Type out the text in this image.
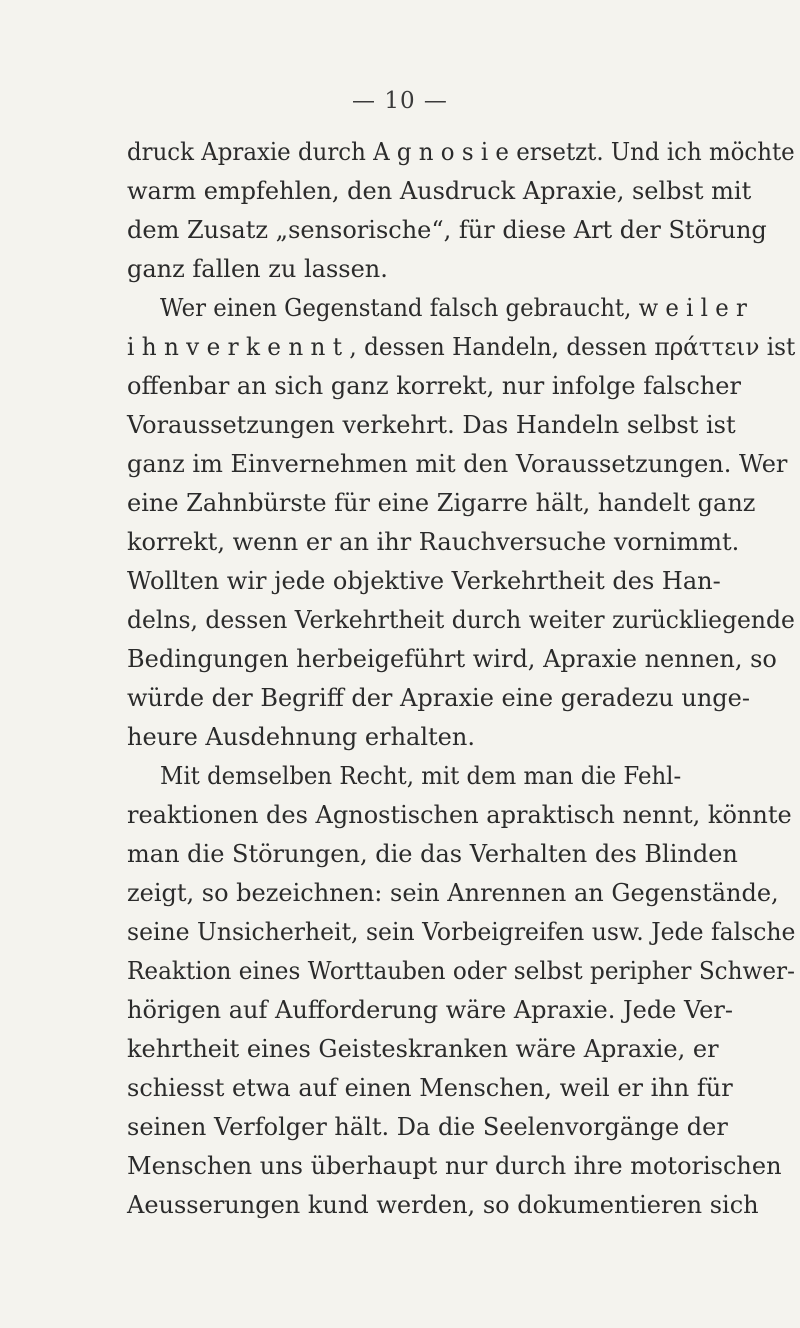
— 10 —
druck Apraxie durch A g n o s i e ersetzt. Und ich möchte
warm empfehlen, den Ausdruck Apraxie, selbst mit
dem Zusatz „sensorische“, für diese Art der Störung
ganz fallen zu lassen.
Wer einen Gegenstand falsch gebraucht, w e i l e r
i h n v e r k e n n t , dessen Handeln, dessen πράττειν ist
offenbar an sich ganz korrekt, nur infolge falscher
Voraussetzungen verkehrt. Das Handeln selbst ist
ganz im Einvernehmen mit den Voraussetzungen. Wer
eine Zahnbürste für eine Zigarre hält, handelt ganz
korrekt, wenn er an ihr Rauchversuche vornimmt.
Wollten wir jede objektive Verkehrtheit des Han-
delns, dessen Verkehrtheit durch weiter zurückliegende
Bedingungen herbeigeführt wird, Apraxie nennen, so
würde der Begriff der Apraxie eine geradezu unge-
heure Ausdehnung erhalten.
Mit demselben Recht, mit dem man die Fehl-
reaktionen des Agnostischen apraktisch nennt, könnte
man die Störungen, die das Verhalten des Blinden
zeigt, so bezeichnen: sein Anrennen an Gegenstände,
seine Unsicherheit, sein Vorbeigreifen usw. Jede falsche
Reaktion eines Worttauben oder selbst peripher Schwer-
hörigen auf Aufforderung wäre Apraxie. Jede Ver-
kehrtheit eines Geisteskranken wäre Apraxie, er
schiesst etwa auf einen Menschen, weil er ihn für
seinen Verfolger hält. Da die Seelenvorgänge der
Menschen uns überhaupt nur durch ihre motorischen
Aeusserungen kund werden, so dokumentieren sich
